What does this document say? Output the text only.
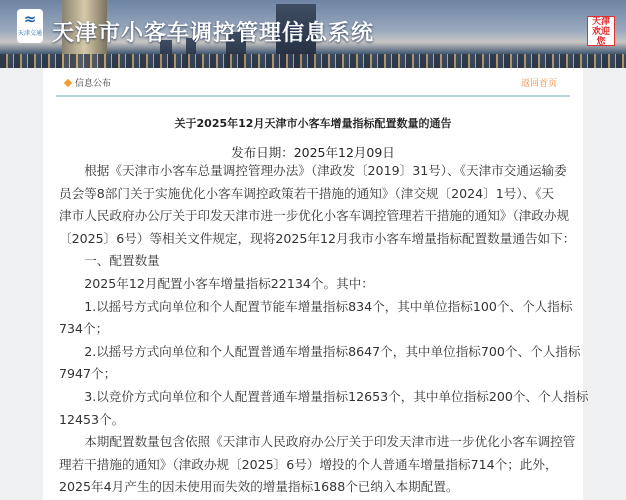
≈
天津交通 天津市小客车调控管理信息系统	天津欢迎您
信息公布	返回首页
关于2025年12月天津市小客车增量指标配置数量的通告
发布日期：2025年12月09日
　　根据《天津市小客车总量调控管理办法》（津政发〔2019〕31号）、《天津市交通运输委
员会等8部门关于实施优化小客车调控政策若干措施的通知》（津交规〔2024〕1号）、《天
津市人民政府办公厅关于印发天津市进一步优化小客车调控管理若干措施的通知》（津政办规
〔2025〕6号）等相关文件规定，现将2025年12月我市小客车增量指标配置数量通告如下：
　　一、配置数量
　　2025年12月配置小客车增量指标22134个。其中：
　　1.以摇号方式向单位和个人配置节能车增量指标834个，其中单位指标100个、个人指标
734个；
　　2.以摇号方式向单位和个人配置普通车增量指标8647个，其中单位指标700个、个人指标
7947个；
　　3.以竞价方式向单位和个人配置普通车增量指标12653个，其中单位指标200个、个人指标
12453个。
　　本期配置数量包含依照《天津市人民政府办公厅关于印发天津市进一步优化小客车调控管
理若干措施的通知》（津政办规〔2025〕6号）增投的个人普通车增量指标714个；此外，
2025年4月产生的因未使用而失效的增量指标1688个已纳入本期配置。
